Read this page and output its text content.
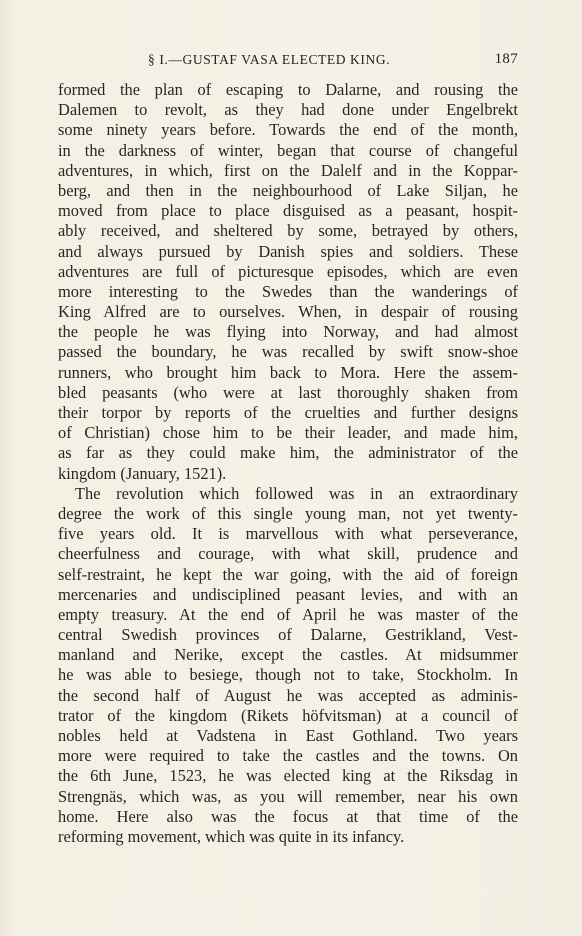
§ I.—GUSTAF VASA ELECTED KING.	187
formed the plan of escaping to Dalarne, and rousing the
Dalemen to revolt, as they had done under Engelbrekt
some ninety years before. Towards the end of the month,
in the darkness of winter, began that course of changeful
adventures, in which, first on the Dalelf and in the Koppar-
berg, and then in the neighbourhood of Lake Siljan, he
moved from place to place disguised as a peasant, hospit-
ably received, and sheltered by some, betrayed by others,
and always pursued by Danish spies and soldiers. These
adventures are full of picturesque episodes, which are even
more interesting to the Swedes than the wanderings of
King Alfred are to ourselves. When, in despair of rousing
the people he was flying into Norway, and had almost
passed the boundary, he was recalled by swift snow-shoe
runners, who brought him back to Mora. Here the assem-
bled peasants (who were at last thoroughly shaken from
their torpor by reports of the cruelties and further designs
of Christian) chose him to be their leader, and made him,
as far as they could make him, the administrator of the
kingdom (January, 1521).
The revolution which followed was in an extraordinary
degree the work of this single young man, not yet twenty-
five years old. It is marvellous with what perseverance,
cheerfulness and courage, with what skill, prudence and
self-restraint, he kept the war going, with the aid of foreign
mercenaries and undisciplined peasant levies, and with an
empty treasury. At the end of April he was master of the
central Swedish provinces of Dalarne, Gestrikland, Vest-
manland and Nerike, except the castles. At midsummer
he was able to besiege, though not to take, Stockholm. In
the second half of August he was accepted as adminis-
trator of the kingdom (Rikets höfvitsman) at a council of
nobles held at Vadstena in East Gothland. Two years
more were required to take the castles and the towns. On
the 6th June, 1523, he was elected king at the Riksdag in
Strengnäs, which was, as you will remember, near his own
home. Here also was the focus at that time of the
reforming movement, which was quite in its infancy.
